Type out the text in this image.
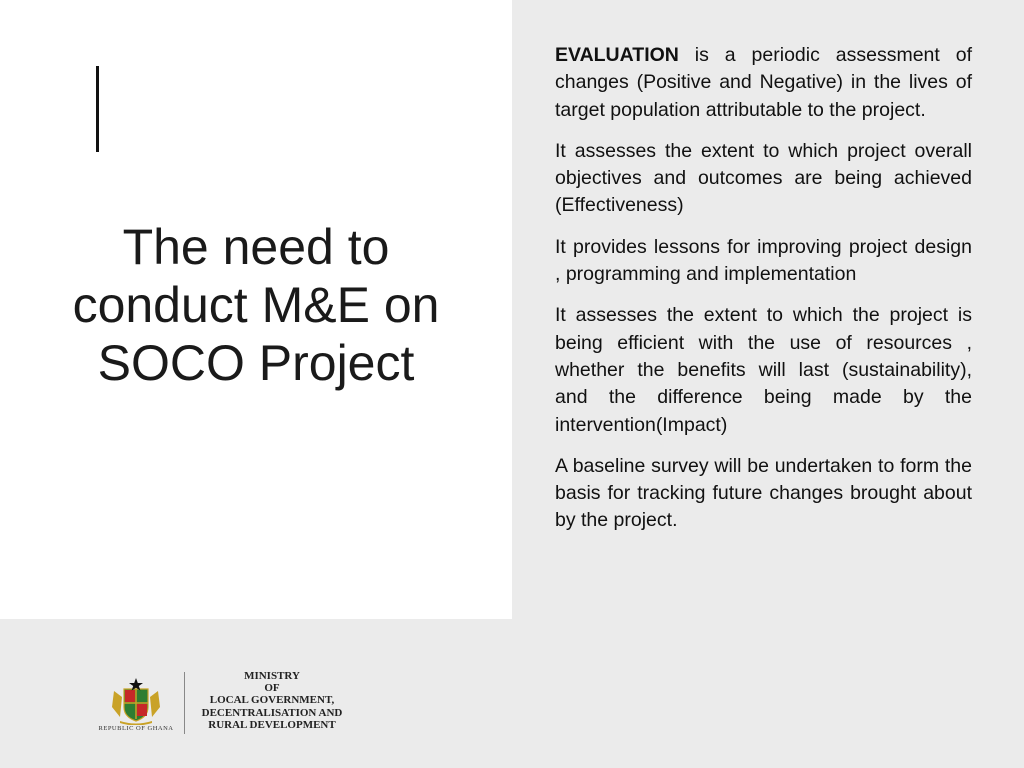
The need to
conduct M&E on
SOCO Project

EVALUATION is a periodic assessment of changes (Positive and Negative) in the lives of target population attributable to the project.

It assesses the extent to which project overall objectives and outcomes are being achieved (Effectiveness)

It provides lessons for improving project design , programming and implementation

It assesses the extent to which the project is being efficient with the use of resources , whether the benefits will last (sustainability), and the difference being made by the intervention(Impact)

A baseline survey will be undertaken to form the basis for tracking future changes brought about by the project.

REPUBLIC OF GHANA
MINISTRY
OF
LOCAL GOVERNMENT,
DECENTRALISATION AND
RURAL DEVELOPMENT
